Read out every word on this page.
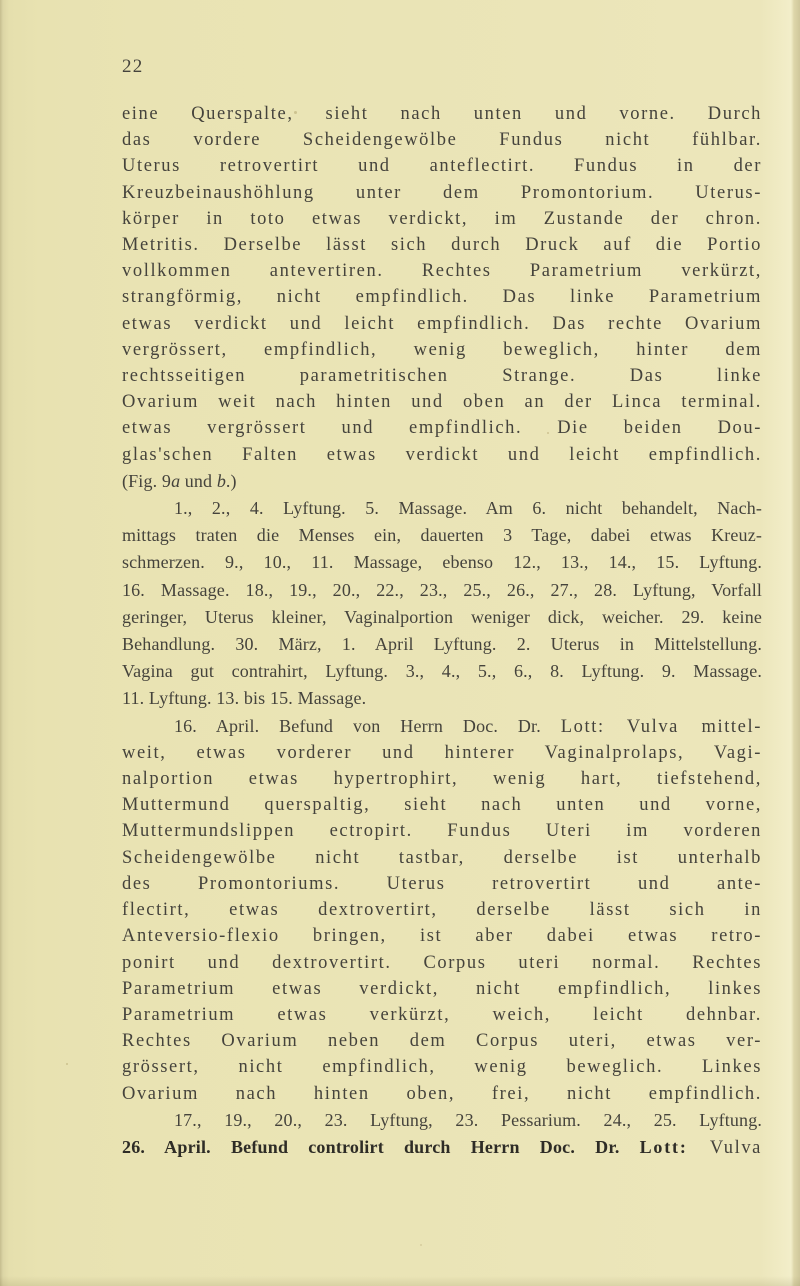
22
eine Querspalte, sieht nach unten und vorne. Durch
das vordere Scheidengewölbe Fundus nicht fühlbar.
Uterus retrovertirt und anteflectirt. Fundus in der
Kreuzbeinaushöhlung unter dem Promontorium. Uterus-
körper in toto etwas verdickt, im Zustande der chron.
Metritis. Derselbe lässt sich durch Druck auf die Portio
vollkommen antevertiren. Rechtes Parametrium verkürzt,
strangförmig, nicht empfindlich. Das linke Parametrium
etwas verdickt und leicht empfindlich. Das rechte Ovarium
vergrössert, empfindlich, wenig beweglich, hinter dem
rechtsseitigen parametritischen Strange. Das linke
Ovarium weit nach hinten und oben an der Linca terminal.
etwas vergrössert und empfindlich. Die beiden Dou-
glas'schen Falten etwas verdickt und leicht empfindlich.
(Fig. 9a und b.)
1., 2., 4. Lyftung. 5. Massage. Am 6. nicht behandelt, Nach-
mittags traten die Menses ein, dauerten 3 Tage, dabei etwas Kreuz-
schmerzen. 9., 10., 11. Massage, ebenso 12., 13., 14., 15. Lyftung.
16. Massage. 18., 19., 20., 22., 23., 25., 26., 27., 28. Lyftung, Vorfall
geringer, Uterus kleiner, Vaginalportion weniger dick, weicher. 29. keine
Behandlung. 30. März, 1. April Lyftung. 2. Uterus in Mittelstellung.
Vagina gut contrahirt, Lyftung. 3., 4., 5., 6., 8. Lyftung. 9. Massage.
11. Lyftung. 13. bis 15. Massage.
16. April. Befund von Herrn Doc. Dr. Lott: Vulva mittel-
weit, etwas vorderer und hinterer Vaginalprolaps, Vagi-
nalportion etwas hypertrophirt, wenig hart, tiefstehend,
Muttermund querspaltig, sieht nach unten und vorne,
Muttermundslippen ectropirt. Fundus Uteri im vorderen
Scheidengewölbe nicht tastbar, derselbe ist unterhalb
des Promontoriums. Uterus retrovertirt und ante-
flectirt, etwas dextrovertirt, derselbe lässt sich in
Anteversio-flexio bringen, ist aber dabei etwas retro-
ponirt und dextrovertirt. Corpus uteri normal. Rechtes
Parametrium etwas verdickt, nicht empfindlich, linkes
Parametrium etwas verkürzt, weich, leicht dehnbar.
Rechtes Ovarium neben dem Corpus uteri, etwas ver-
grössert, nicht empfindlich, wenig beweglich. Linkes
Ovarium nach hinten oben, frei, nicht empfindlich.
17., 19., 20., 23. Lyftung, 23. Pessarium. 24., 25. Lyftung.
26. April. Befund controlirt durch Herrn Doc. Dr. Lott: Vulva
